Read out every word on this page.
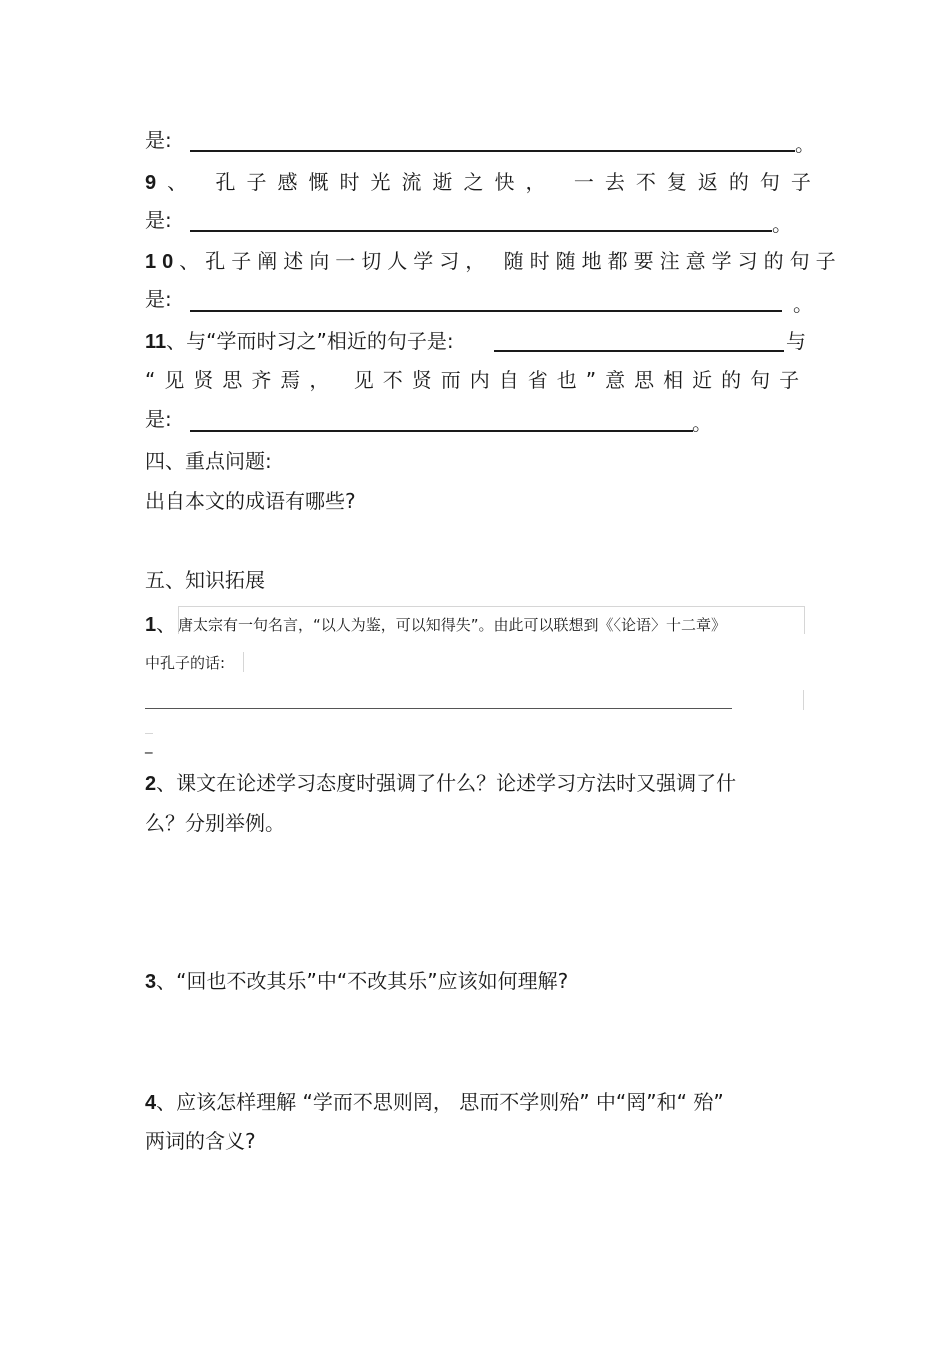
是:	。
9、 孔子感慨时光流逝之快， 一去不复返的句子
是:	。
10、孔子阐述向一切人学习， 随时随地都要注意学习的句子
是:	。
11、与“学而时习之”相近的句子是:	与
“见贤思齐焉， 见不贤而内自省也”意思相近的句子
是:	。
四、重点问题:
出自本文的成语有哪些?
五、知识拓展
1、 唐太宗有一句名言，“以人为鉴，可以知得失”。由此可以联想到《〈论语〉十二章》
中孔子的话:
_
2、课文在论述学习态度时强调了什么？论述学习方法时又强调了什
么？分别举例。
3、“回也不改其乐”中“不改其乐”应该如何理解?
4、应该怎样理解 “学而不思则罔， 思而不学则殆” 中“罔”和“ 殆”
两词的含义?
